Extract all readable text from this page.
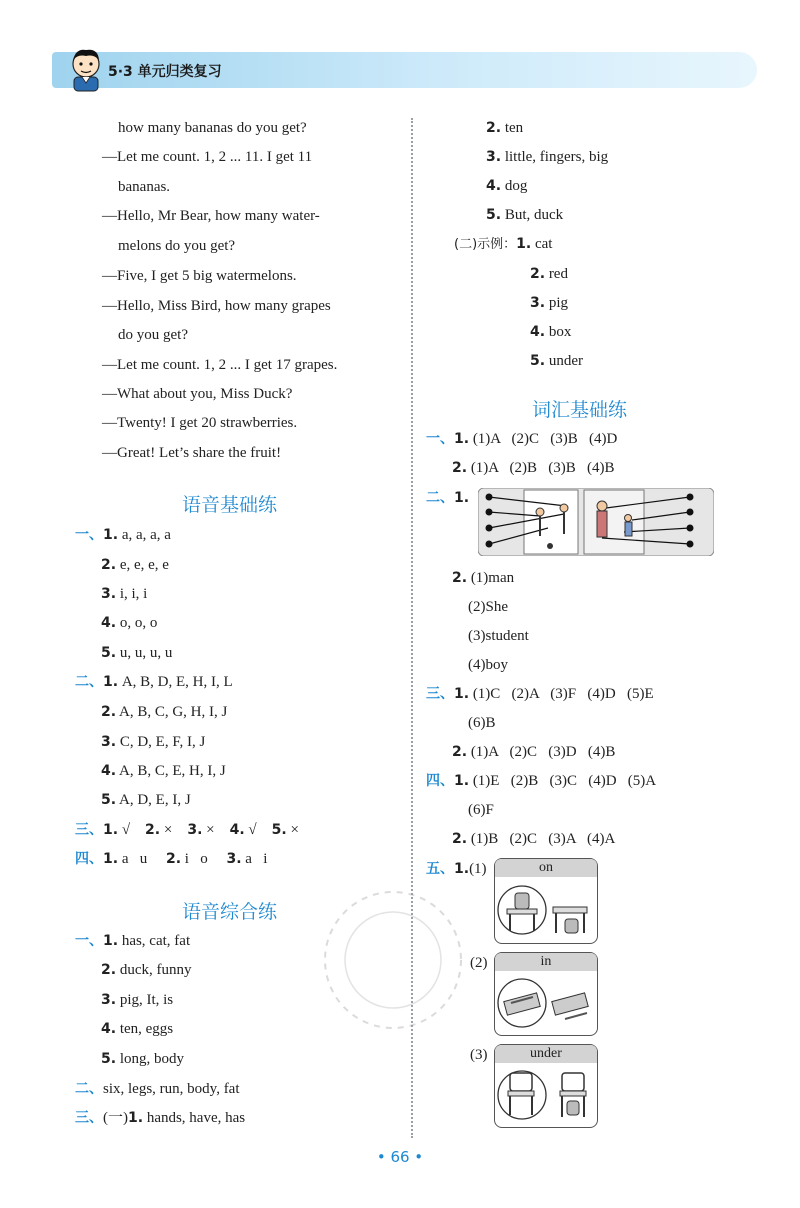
5·3 单元归类复习
how many bananas do you get?
—Let me count. 1, 2 ... 11. I get 11
bananas.
—Hello, Mr Bear, how many water-
melons do you get?
—Five, I get 5 big watermelons.
—Hello, Miss Bird, how many grapes
do you get?
—Let me count. 1, 2 ... I get 17 grapes.
—What about you, Miss Duck?
—Twenty! I get 20 strawberries.
—Great! Let’s share the fruit!
语音基础练
一、1. a, a, a, a
2. e, e, e, e
3. i, i, i
4. o, o, o
5. u, u, u, u
二、1. A, B, D, E, H, I, L
2. A, B, C, G, H, I, J
3. C, D, E, F, I, J
4. A, B, C, E, H, I, J
5. A, D, E, I, J
三、1. √ 2. × 3. × 4. √ 5. ×
四、1. a   u 2. i   o 3. a   i
语音综合练
一、1. has, cat, fat
2. duck, funny
3. pig, It, is
4. ten, eggs
5. long, body
二、six, legs, run, body, fat
三、(一)1. hands, have, has
2. ten
3. little, fingers, big
4. dog
5. But, duck
(二)示例：1. cat
2. red
3. pig
4. box
5. under
词汇基础练
一、1. (1)A   (2)C   (3)B   (4)D
2. (1)A   (2)B   (3)B   (4)B
二、1.
2. (1)man
(2)She
(3)student
(4)boy
三、1. (1)C   (2)A   (3)F   (4)D   (5)E
(6)B
2. (1)A   (2)C   (3)D   (4)B
四、1. (1)E   (2)B   (3)C   (4)D   (5)A
(6)F
2. (1)B   (2)C   (3)A   (4)A
五、1.(1)	on
(2)	in
(3)	under
• 66 •
